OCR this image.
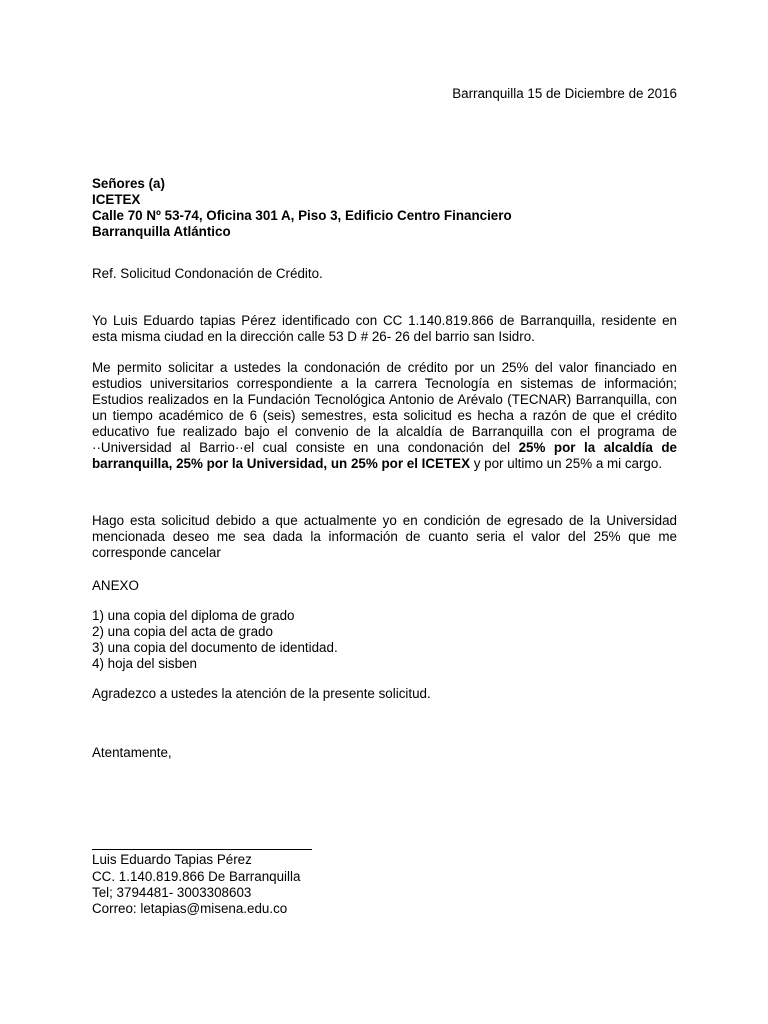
Barranquilla 15 de Diciembre de 2016
Señores (a)
ICETEX
Calle 70 Nº 53-74, Oficina 301 A, Piso 3, Edificio Centro Financiero
Barranquilla Atlántico
Ref. Solicitud Condonación de Crédito.
Yo Luis Eduardo tapias Pérez identificado con CC 1.140.819.866 de Barranquilla, residente en esta misma ciudad en la dirección calle 53 D # 26- 26 del barrio san Isidro.
Me permito solicitar a ustedes la condonación de crédito por un 25% del valor financiado en estudios universitarios correspondiente a la carrera Tecnología en sistemas de información; Estudios realizados en la Fundación Tecnológica Antonio de Arévalo (TECNAR) Barranquilla, con un tiempo académico de 6 (seis) semestres, esta solicitud es hecha a razón de que el crédito educativo fue realizado bajo el convenio de la alcaldía de Barranquilla con el programa de ··Universidad al Barrio··el cual consiste en una condonación del 25% por la alcaldía de barranquilla, 25% por la Universidad, un 25% por el ICETEX y por ultimo un 25% a mi cargo.
Hago esta solicitud debido a que actualmente yo en condición de egresado de la Universidad mencionada deseo me sea dada la información de cuanto seria el valor del 25% que me corresponde cancelar
ANEXO
1) una copia del diploma de grado
2) una copia del acta de grado
3) una copia del documento de identidad.
4) hoja del sisben
Agradezco a ustedes la atención de la presente solicitud.
Atentamente,
Luis Eduardo Tapias Pérez
CC. 1.140.819.866 De Barranquilla
Tel; 3794481- 3003308603
Correo: letapias@misena.edu.co
